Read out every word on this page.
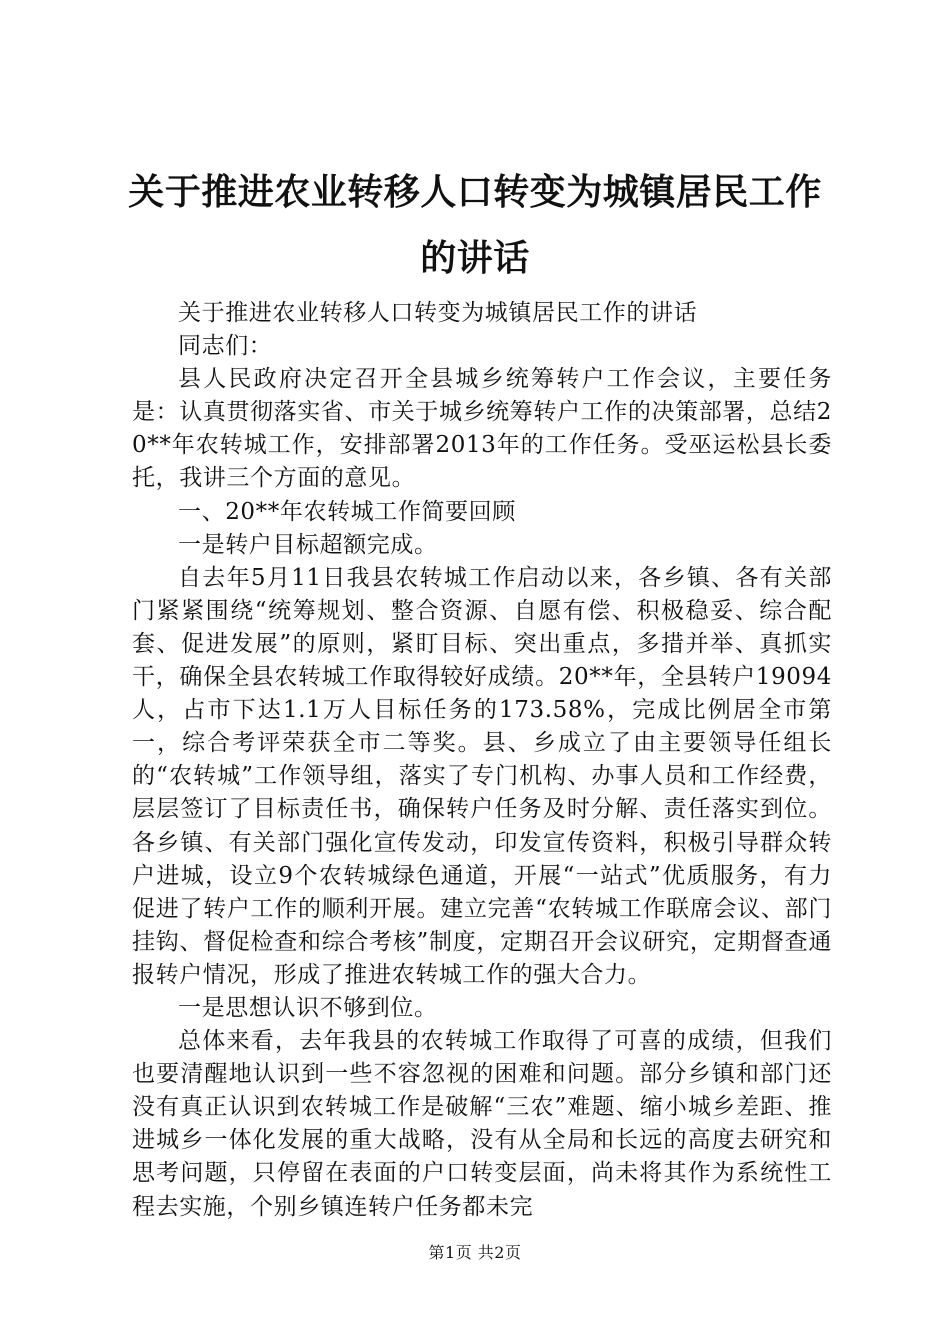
关于推进农业转移人口转变为城镇居民工作的讲话

关于推进农业转移人口转变为城镇居民工作的讲话

同志们：

县人民政府决定召开全县城乡统筹转户工作会议，主要任务是：认真贯彻落实省、市关于城乡统筹转户工作的决策部署，总结20**年农转城工作，安排部署2013年的工作任务。受巫运松县长委托，我讲三个方面的意见。

一、20**年农转城工作简要回顾

一是转户目标超额完成。

自去年5月11日我县农转城工作启动以来，各乡镇、各有关部门紧紧围绕“统筹规划、整合资源、自愿有偿、积极稳妥、综合配套、促进发展”的原则，紧盯目标、突出重点，多措并举、真抓实干，确保全县农转城工作取得较好成绩。20**年，全县转户19094人，占市下达1.1万人目标任务的173.58%，完成比例居全市第一，综合考评荣获全市二等奖。县、乡成立了由主要领导任组长的“农转城”工作领导组，落实了专门机构、办事人员和工作经费，层层签订了目标责任书，确保转户任务及时分解、责任落实到位。各乡镇、有关部门强化宣传发动，印发宣传资料，积极引导群众转户进城，设立9个农转城绿色通道，开展“一站式”优质服务，有力促进了转户工作的顺利开展。建立完善“农转城工作联席会议、部门挂钩、督促检查和综合考核”制度，定期召开会议研究，定期督查通报转户情况，形成了推进农转城工作的强大合力。

一是思想认识不够到位。

总体来看，去年我县的农转城工作取得了可喜的成绩，但我们也要清醒地认识到一些不容忽视的困难和问题。部分乡镇和部门还没有真正认识到农转城工作是破解“三农”难题、缩小城乡差距、推进城乡一体化发展的重大战略，没有从全局和长远的高度去研究和思考问题，只停留在表面的户口转变层面，尚未将其作为系统性工程去实施，个别乡镇连转户任务都未完

第1页 共2页
